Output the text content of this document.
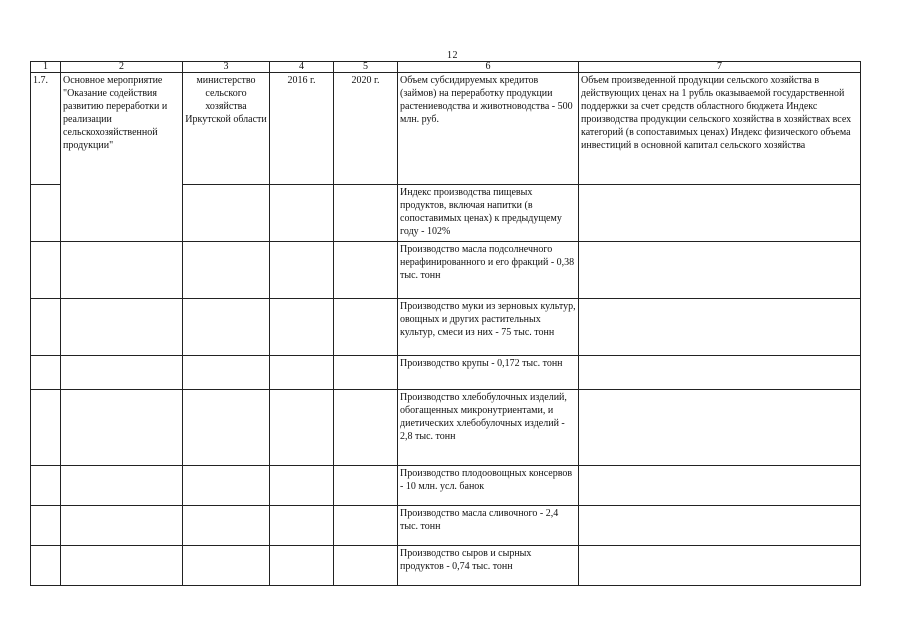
12
1	2	3	4	5	6	7
1.7.	Основное мероприятие "Оказание содействия развитию переработки и реализации сельскохозяйственной продукции"	министерство сельского хозяйства Иркутской области	2016 г.	2020 г.	Объем субсидируемых кредитов (займов) на переработку продукции растениеводства и животноводства - 500 млн. руб.	Объем произведенной продукции сельского хозяйства в действующих ценах на 1 рубль оказываемой государственной поддержки за счет средств областного бюджета Индекс производства продукции сельского хозяйства в хозяйствах всех категорий (в сопоставимых ценах) Индекс физического объема инвестиций в основной капитал сельского хозяйства
					Индекс производства пищевых продуктов, включая напитки (в сопоставимых ценах) к предыдущему году - 102%	
					Производство масла подсолнечного нерафинированного и его фракций - 0,38 тыс. тонн	
					Производство муки из зерновых культур, овощных и других растительных культур, смеси из них - 75 тыс. тонн	
					Производство крупы - 0,172 тыс. тонн	
					Производство хлебобулочных изделий, обогащенных микронутриентами, и диетических хлебобулочных изделий - 2,8 тыс. тонн	
					Производство плодоовощных консервов - 10 млн. усл. банок	
					Производство масла сливочного - 2,4 тыс. тонн	
					Производство сыров и сырных продуктов - 0,74 тыс. тонн	
